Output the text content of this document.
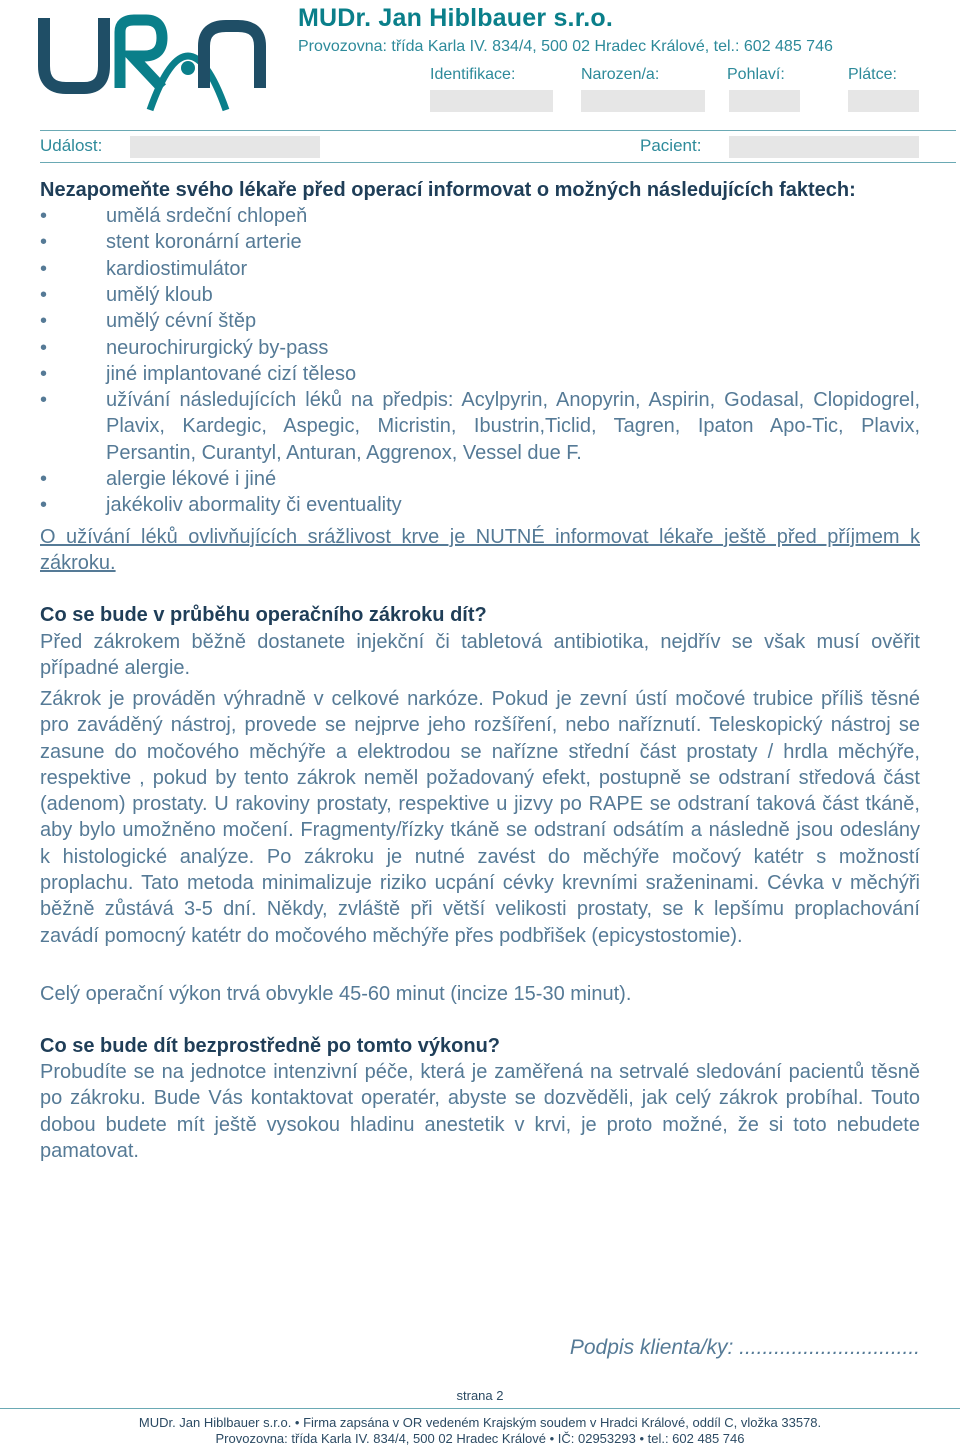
MUDr. Jan Hiblbauer s.r.o.
Provozovna: třída Karla IV. 834/4, 500 02 Hradec Králové, tel.: 602 485 746
Identifikace:	Narozen/a:	Pohlaví:	Plátce:
Událost:	Pacient:
Nezapomeňte svého lékaře před operací informovat o možných následujících faktech:
•	umělá srdeční chlopeň
•	stent koronární arterie
•	kardiostimulátor
•	umělý kloub
•	umělý cévní štěp
•	neurochirurgický by-pass
•	jiné implantované cizí těleso
•	užívání následujících léků na předpis: Acylpyrin, Anopyrin, Aspirin, Godasal, Clopidogrel, Plavix, Kardegic, Aspegic, Micristin, Ibustrin,Ticlid, Tagren, Ipaton Apo-Tic, Plavix, Persantin, Curantyl, Anturan, Aggrenox, Vessel due F.
•	alergie lékové i jiné
•	jakékoliv abormality či eventuality
O užívání léků ovlivňujících srážlivost krve je NUTNÉ informovat lékaře ještě před příjmem k zákroku.
Co se bude v průběhu operačního zákroku dít?
Před zákrokem běžně dostanete injekční či tabletová antibiotika, nejdřív se však musí ověřit případné alergie.
Zákrok je prováděn výhradně v celkové narkóze. Pokud je zevní ústí močové trubice příliš těsné pro zaváděný nástroj, provede se nejprve jeho rozšíření, nebo naříznutí. Teleskopický nástroj se zasune do močového měchýře a elektrodou se nařízne střední část prostaty / hrdla měchýře, respektive , pokud by tento zákrok neměl požadovaný efekt, postupně se odstraní středová část (adenom) prostaty. U rakoviny prostaty, respektive u jizvy po RAPE se odstraní taková část tkáně, aby bylo umožněno močení. Fragmenty/řízky tkáně se odstraní odsátím a následně jsou odeslány k histologické analýze. Po zákroku je nutné zavést do měchýře močový katétr s možností proplachu. Tato metoda minimalizuje riziko ucpání cévky krevními sraženinami. Cévka v měchýři běžně zůstává 3-5 dní. Někdy, zvláště při větší velikosti prostaty, se k lepšímu proplachování zavádí pomocný katétr do močového měchýře přes podbřišek (epicystostomie).
Celý operační výkon trvá obvykle 45-60 minut (incize 15-30 minut).
Co se bude dít bezprostředně po tomto výkonu?
Probudíte se na jednotce intenzivní péče, která je zaměřená na setrvalé sledování pacientů těsně po zákroku. Bude Vás kontaktovat operatér, abyste se dozvěděli, jak celý zákrok probíhal. Touto dobou budete mít ještě vysokou hladinu anestetik v krvi, je proto možné, že si toto nebudete pamatovat.
Podpis klienta/ky: ...............................
strana 2
MUDr. Jan Hiblbauer s.r.o. • Firma zapsána v OR vedeném Krajským soudem v Hradci Králové, oddíl C, vložka 33578.
Provozovna: třída Karla IV. 834/4, 500 02 Hradec Králové • IČ: 02953293 • tel.: 602 485 746
